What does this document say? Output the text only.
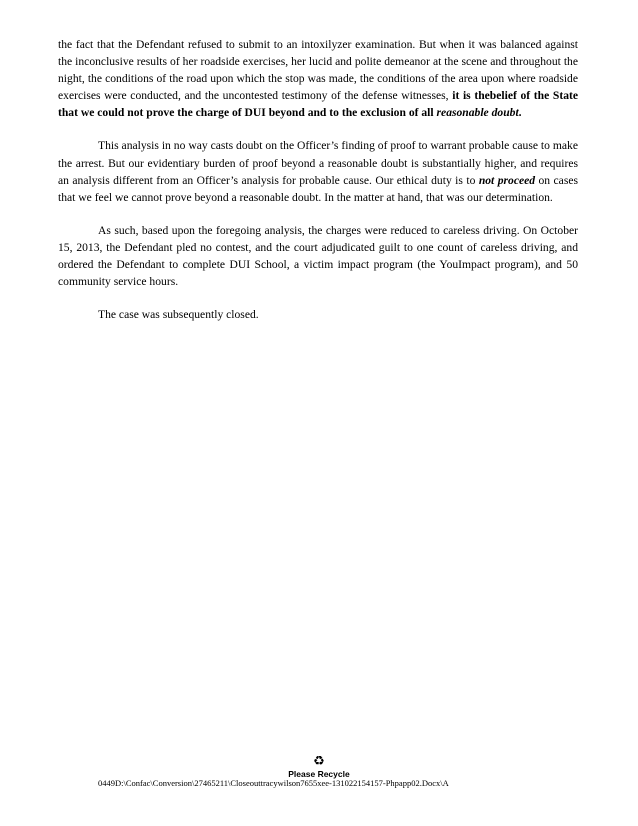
the fact that the Defendant refused to submit to an intoxilyzer examination. But when it was balanced against the inconclusive results of her roadside exercises, her lucid and polite demeanor at the scene and throughout the night, the conditions of the road upon which the stop was made, the conditions of the area upon where roadside exercises were conducted, and the uncontested testimony of the defense witnesses, it is thebelief of the State that we could not prove the charge of DUI beyond and to the exclusion of all reasonable doubt.

This analysis in no way casts doubt on the Officer’s finding of proof to warrant probable cause to make the arrest. But our evidentiary burden of proof beyond a reasonable doubt is substantially higher, and requires an analysis different from an Officer’s analysis for probable cause. Our ethical duty is to not proceed on cases that we feel we cannot prove beyond a reasonable doubt. In the matter at hand, that was our determination.

As such, based upon the foregoing analysis, the charges were reduced to careless driving. On October 15, 2013, the Defendant pled no contest, and the court adjudicated guilt to one count of careless driving, and ordered the Defendant to complete DUI School, a victim impact program (the YouImpact program), and 50 community service hours.

The case was subsequently closed.

♻
Please Recycle
0449D:\Confac\Conversion\27465211\Closeouttracywilson7655xee-131022154157-Phpapp02.Docx\A
